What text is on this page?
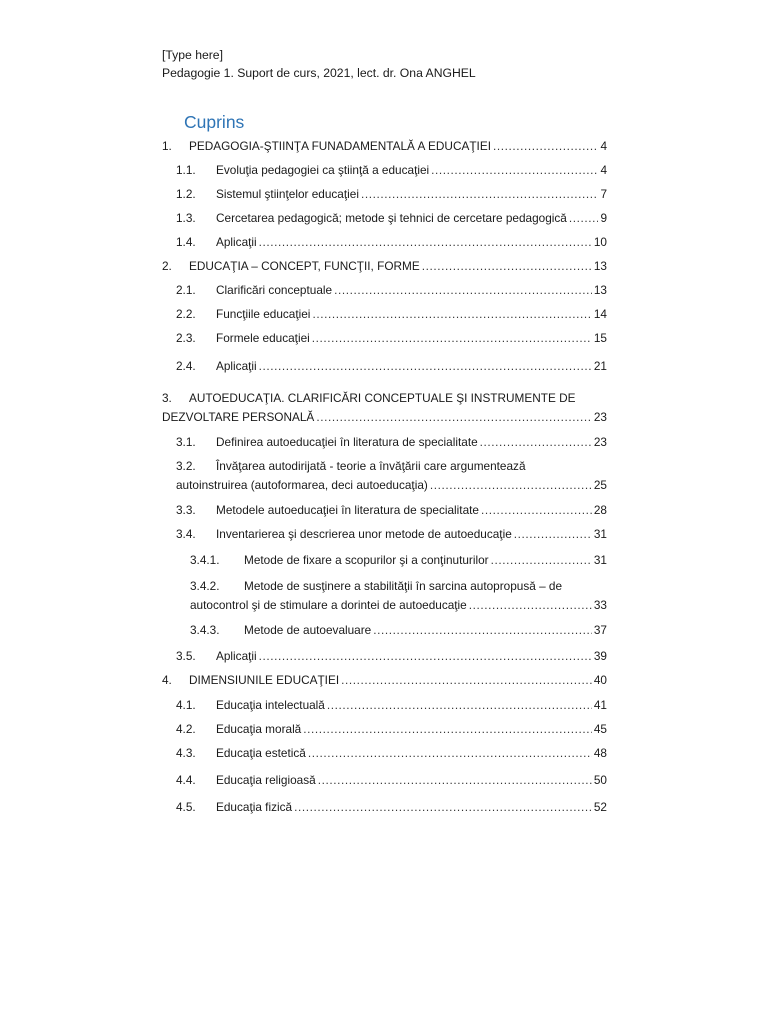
[Type here]
Pedagogie 1. Suport de curs, 2021, lect. dr. Ona ANGHEL
Cuprins
1. PEDAGOGIA-ŞTIINŢA FUNADAMENTALĂ A EDUCAŢIEI .....	4
1.1. Evoluţia pedagogiei ca ştiinţă a educaţiei .....	4
1.2. Sistemul ştiinţelor educaţiei .....	7
1.3. Cercetarea pedagogică; metode şi tehnici de cercetare pedagogică .....	9
1.4. Aplicaţii .....	10
2. EDUCAŢIA – CONCEPT, FUNCŢII, FORME .....	13
2.1. Clarificări conceptuale .....	13
2.2. Funcţiile educaţiei .....	14
2.3. Formele educaţiei .....	15
2.4. Aplicaţii .....	21
3. AUTOEDUCAŢIA. CLARIFICĂRI CONCEPTUALE ŞI INSTRUMENTE DE
DEZVOLTARE PERSONALĂ .....	23
3.1. Definirea autoeducaţiei în literatura de specialitate .....	23
3.2. Învăţarea autodirijată - teorie a învăţării care argumentează
autoinstruirea (autoformarea, deci autoeducaţia) .....	25
3.3. Metodele autoeducaţiei în literatura de specialitate .....	28
3.4. Inventarierea şi descrierea unor metode de autoeducaţie .....	31
3.4.1. Metode de fixare a scopurilor şi a conţinuturilor .....	31
3.4.2. Metode de susţinere a stabilităţii în sarcina autopropusă – de
autocontrol şi de stimulare a dorintei de autoeducaţie .....	33
3.4.3. Metode de autoevaluare .....	37
3.5. Aplicaţii .....	39
4. DIMENSIUNILE EDUCAŢIEI .....	40
4.1. Educaţia intelectuală .....	41
4.2. Educaţia morală .....	45
4.3. Educaţia estetică .....	48
4.4. Educaţia religioasă .....	50
4.5. Educaţia fizică .....	52
